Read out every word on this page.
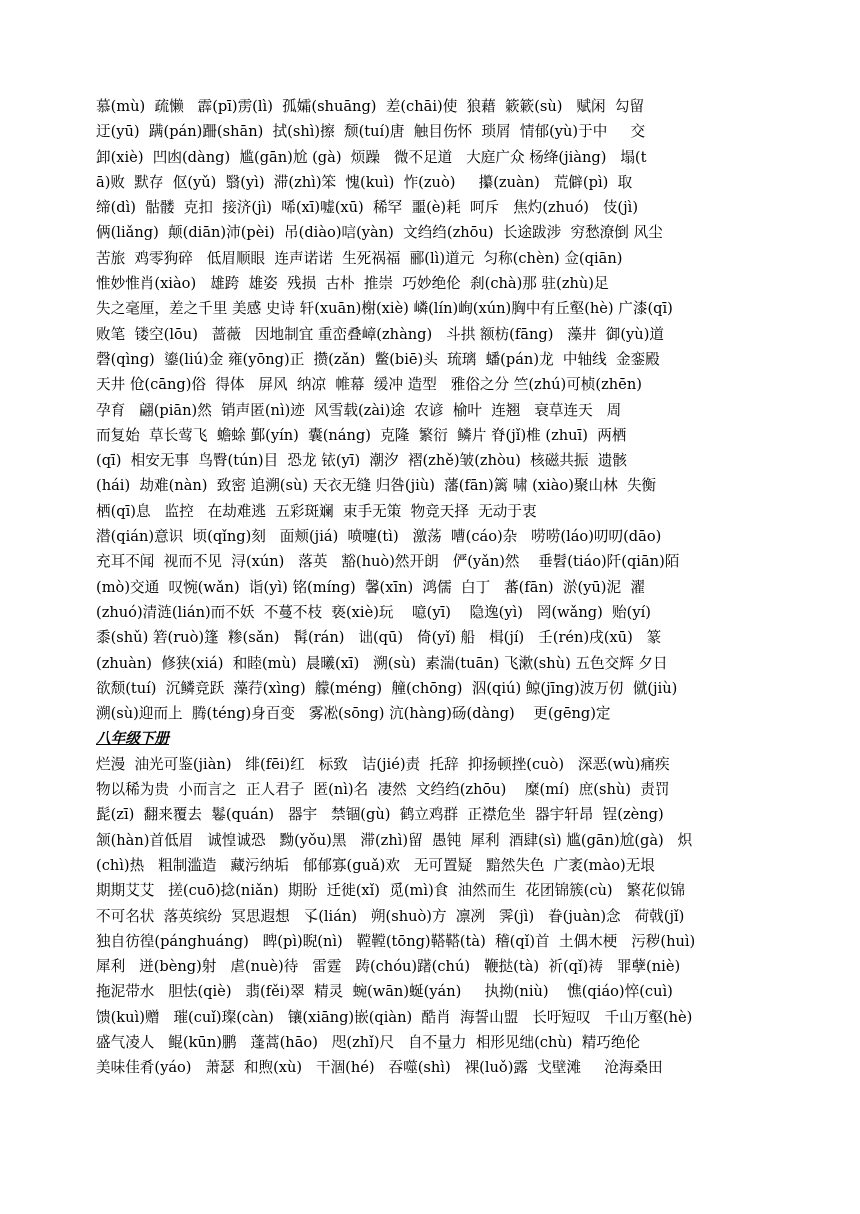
慕(mù)  疏懒   霹(pī)雳(lì)  孤孀(shuāng)  差(chāi)使  狼藉  簌簌(sù)   赋闲  勾留
迂(yū)  蹒(pán)跚(shān)  拭(shì)擦  颓(tuí)唐  触目伤怀  琐屑  情郁(yù)于中     交
卸(xiè)  凹凼(dàng)  尴(gān)尬 (gà)  烦躁   微不足道   大庭广众 杨绛(jiàng)   塌(t
ā)败  默存  伛(yǔ)  翳(yì)  滞(zhì)笨  愧(kuì)  怍(zuò)     攥(zuàn)   荒僻(pì)  取
缔(dì)  骷髅  克扣  接济(jì)  唏(xī)嘘(xū)  稀罕  噩(è)耗  呵斥   焦灼(zhuó)   伎(jì)
俩(liǎng)  颠(diān)沛(pèi)  吊(diào)唁(yàn)  文绉绉(zhōu)  长途跋涉  穷愁潦倒 风尘
苦旅  鸡零狗碎   低眉顺眼  连声诺诺  生死祸福  郦(lì)道元  匀称(chèn) 佥(qiān)
惟妙惟肖(xiào)   雄跨  雄姿  残损  古朴  推崇  巧妙绝伦  刹(chà)那 驻(zhù)足
失之毫厘，差之千里 美感 史诗 轩(xuān)榭(xiè) 嶙(lín)峋(xún)胸中有丘壑(hè) 广漆(qī)
败笔  镂空(lōu)   蔷薇   因地制宜 重峦叠嶂(zhàng)   斗拱 额枋(fāng)   藻井  御(yù)道
磬(qìng)  鎏(liú)金 雍(yōng)正  攒(zǎn)  鳖(biē)头  琉璃  蟠(pán)龙  中轴线  金銮殿
天井 伧(cāng)俗  得体   屏风  纳凉  帷幕  缓冲 造型   雅俗之分 竺(zhú)可桢(zhēn)
孕育   翩(piān)然  销声匿(nì)迹  风雪载(zài)途  农谚  榆叶  连翘   衰草连天   周
而复始  草长莺飞  蟾蜍 鄞(yín)  囊(náng)  克隆  繁衍  鳞片 脊(jǐ)椎 (zhuī)  两栖
(qī)  相安无事  鸟臀(tún)目  恐龙 铱(yī)  潮汐  褶(zhě)皱(zhòu)  核磁共振  遗骸
(hái)  劫难(nàn)  致密 追溯(sù) 天衣无缝 归咎(jiù)  藩(fān)篱 啸 (xiào)聚山林  失衡
栖(qī)息   监控   在劫难逃  五彩斑斓  束手无策  物竞天择  无动于衷
潜(qián)意识  顷(qǐng)刻   面颊(jiá)  喷嚏(tì)   激荡  嘈(cáo)杂   唠唠(láo)叨叨(dāo)
充耳不闻  视而不见  浔(xún)   落英   豁(huò)然开朗   俨(yǎn)然    垂髫(tiáo)阡(qiān)陌
(mò)交通  叹惋(wǎn)  诣(yì) 铭(míng)  馨(xīn)  鸿儒  白丁   蕃(fān)  淤(yū)泥  濯
(zhuó)清涟(lián)而不妖  不蔓不枝  亵(xiè)玩    噫(yī)    隐逸(yì)   罔(wǎng)  贻(yí)
黍(shǔ) 箬(ruò)篷  糁(sǎn)   髯(rán)   诎(qū)   倚(yǐ) 船   楫(jí)   壬(rén)戌(xū)   篆
(zhuàn)  修狭(xiá)  和睦(mù)  晨曦(xī)   溯(sù)  素湍(tuān) 飞漱(shù) 五色交辉 夕日
欲颓(tuí)  沉鳞竞跃  藻荇(xìng)  艨(méng)  艟(chōng)  泅(qiú) 鲸(jīng)波万仞  僦(jiù)
溯(sù)迎而上  腾(téng)身百变   雾凇(sōng) 沆(hàng)砀(dàng)    更(gēng)定
八年级下册
烂漫  油光可鉴(jiàn)   绯(fēi)红   标致   诘(jié)责  托辞  抑扬顿挫(cuò)   深恶(wù)痛疾
物以稀为贵  小而言之  正人君子  匿(nì)名  凄然  文绉绉(zhōu)    糜(mí)  庶(shù)  责罚
髭(zī)  翻来覆去  鬈(quán)   器宇   禁锢(gù)  鹤立鸡群  正襟危坐  器宇轩昂  锃(zèng)
颔(hàn)首低眉   诚惶诚恐   黝(yǒu)黑   滞(zhì)留  愚钝  犀利  酒肆(sì) 尴(gān)尬(gà)   炽
(chì)热   粗制滥造   藏污纳垢   郁郁寡(guǎ)欢   无可置疑   黯然失色  广袤(mào)无垠
期期艾艾   搓(cuō)捻(niǎn)  期盼  迁徙(xǐ)  觅(mì)食  油然而生  花团锦簇(cù)   繁花似锦
不可名状  落英缤纷  冥思遐想   孓(lián)   朔(shuò)方  凛冽   霁(jì)   眷(juàn)念   荷戟(jǐ)
独自彷徨(pánghuáng)   睥(pì)睨(nì)   鞺鞺(tōng)鞳鞳(tà)  稽(qǐ)首  土偶木梗   污秽(huì)
犀利   迸(bèng)射   虐(nuè)待   雷霆   踌(chóu)躇(chú)   鞭挞(tà)  祈(qǐ)祷   罪孽(niè)
拖泥带水   胆怯(qiè)   翡(fěi)翠  精灵  蜿(wān)蜒(yán)     执拗(niù)    憔(qiáo)悴(cuì)
馈(kuì)赠   璀(cuǐ)璨(càn)   镶(xiāng)嵌(qiàn)  酷肖  海誓山盟   长吁短叹   千山万壑(hè)
盛气凌人   鲲(kūn)鹏   蓬蒿(hāo)   咫(zhǐ)尺   自不量力  相形见绌(chù)  精巧绝伦
美味佳肴(yáo)   萧瑟  和煦(xù)   干涸(hé)   吞噬(shì)   裸(luǒ)露  戈壁滩     沧海桑田
